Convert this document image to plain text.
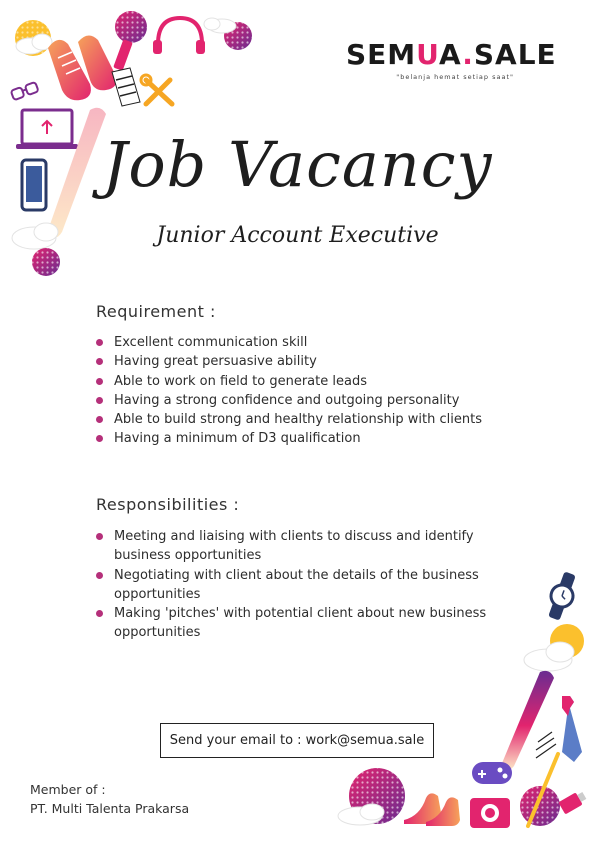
SEMUA.SALE
"belanja hemat setiap saat"
Job Vacancy
Junior Account Executive
Requirement :
Excellent communication skill
Having great persuasive ability
Able to work on field to generate leads
Having a strong confidence and outgoing personality
Able to build strong and healthy relationship with clients
Having a minimum of D3 qualification
Responsibilities :
Meeting and liaising with clients to discuss and identify business opportunities
Negotiating with client about the details of the business opportunities
Making 'pitches' with potential client about new business opportunities
Send your email to : work@semua.sale
Member of :
PT. Multi Talenta Prakarsa
